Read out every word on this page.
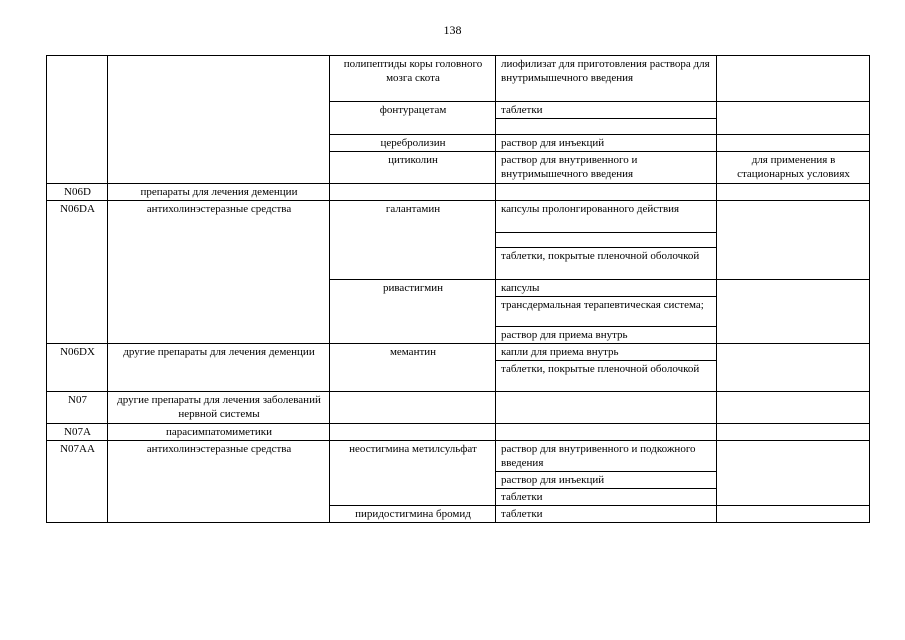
138
		полипептиды коры головного мозга скота	лиофилизат для приготовления раствора для внутримышечного введения	
		фонтурацетам	таблетки	

		церебролизин	раствор для инъекций	
		цитиколин	раствор для внутривенного и внутримышечного введения	для применения в стационарных условиях
N06D	препараты для лечения деменции			
N06DA	антихолинэстеразные средства	галантамин	капсулы пролонгированного действия	

			таблетки, покрытые пленочной оболочкой	
		ривастигмин	капсулы	
			трансдермальная терапевтическая система;	
			раствор для приема внутрь	
N06DX	другие препараты для лечения деменции	мемантин	капли для приема внутрь	
			таблетки, покрытые пленочной оболочкой	
N07	другие препараты для лечения заболеваний нервной системы			
N07A	парасимпатомиметики			
N07AA	антихолинэстеразные средства	неостигмина метилсульфат	раствор для внутривенного и подкожного введения	
			раствор для инъекций	
			таблетки	
		пиридостигмина бромид	таблетки	
